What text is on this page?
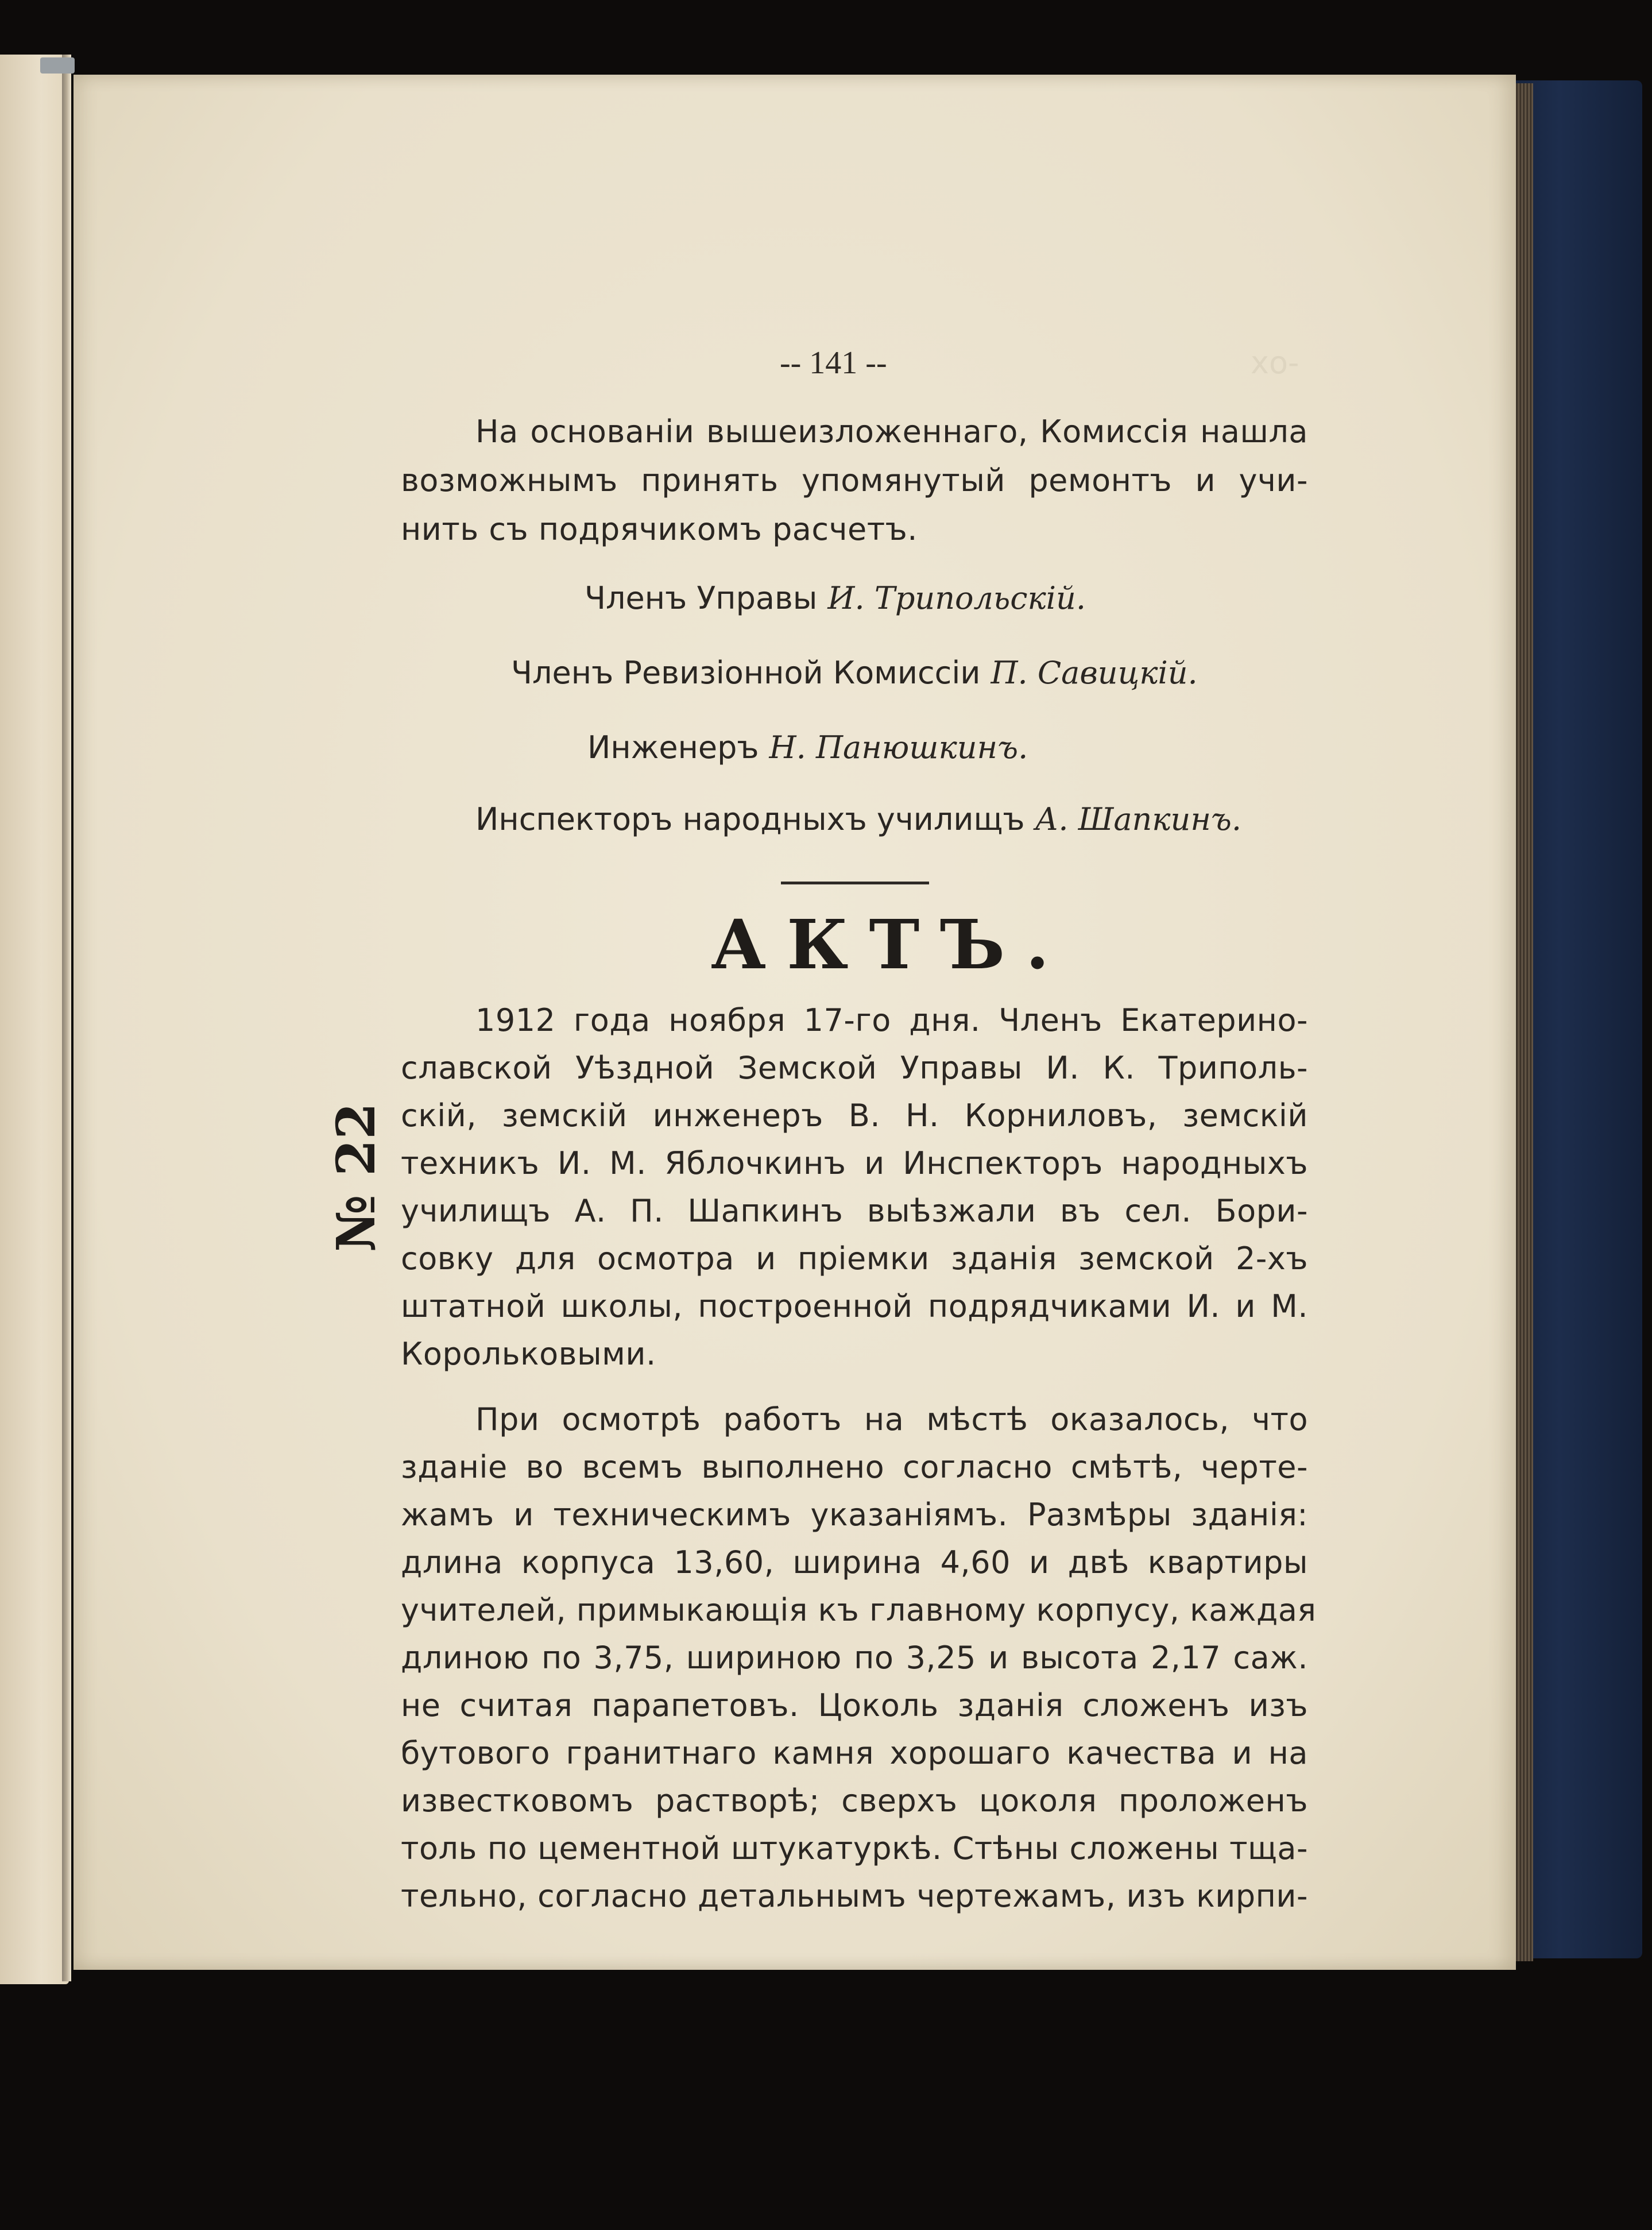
хо-
-- 141 --
На основанiи вышеизложеннаго, Комиссiя нашла
возможнымъ принять упомянутый ремонтъ и учи-
нить съ подрячикомъ расчетъ.
Членъ Управы И. Трипольскiй.
Членъ Ревизiонной Комиссiи П. Савицкiй.
Инженеръ Н. Панюшкинъ.
Инспекторъ народныхъ училищъ А. Шапкинъ.
АКТЪ.
1912 года ноября 17-го дня. Членъ Екатерино-
славской Уѣздной Земской Управы И. К. Триполь-
скiй, земскiй инженеръ В. Н. Корниловъ, земскiй
техникъ И. М. Яблочкинъ и Инспекторъ народныхъ
училищъ А. П. Шапкинъ выѣзжали въ сел. Бори-
совку для осмотра и прiемки зданiя земской 2-хъ
штатной школы, построенной подрядчиками И. и М.
Корольковыми.
При осмотрѣ работъ на мѣстѣ оказалось, что
зданiе во всемъ выполнено согласно смѣтѣ, черте-
жамъ и техническимъ указанiямъ. Размѣры зданiя:
длина корпуса 13,60, ширина 4,60 и двѣ квартиры
учителей, примыкающiя къ главному корпусу, каждая
длиною по 3,75, шириною по 3,25 и высота 2,17 саж.
не считая парапетовъ. Цоколь зданiя сложенъ изъ
бутового гранитнаго камня хорошаго качества и на
известковомъ растворѣ; сверхъ цоколя проложенъ
толь по цементной штукатуркѣ. Стѣны сложены тща-
тельно, согласно детальнымъ чертежамъ, изъ кирпи-
№ 22
